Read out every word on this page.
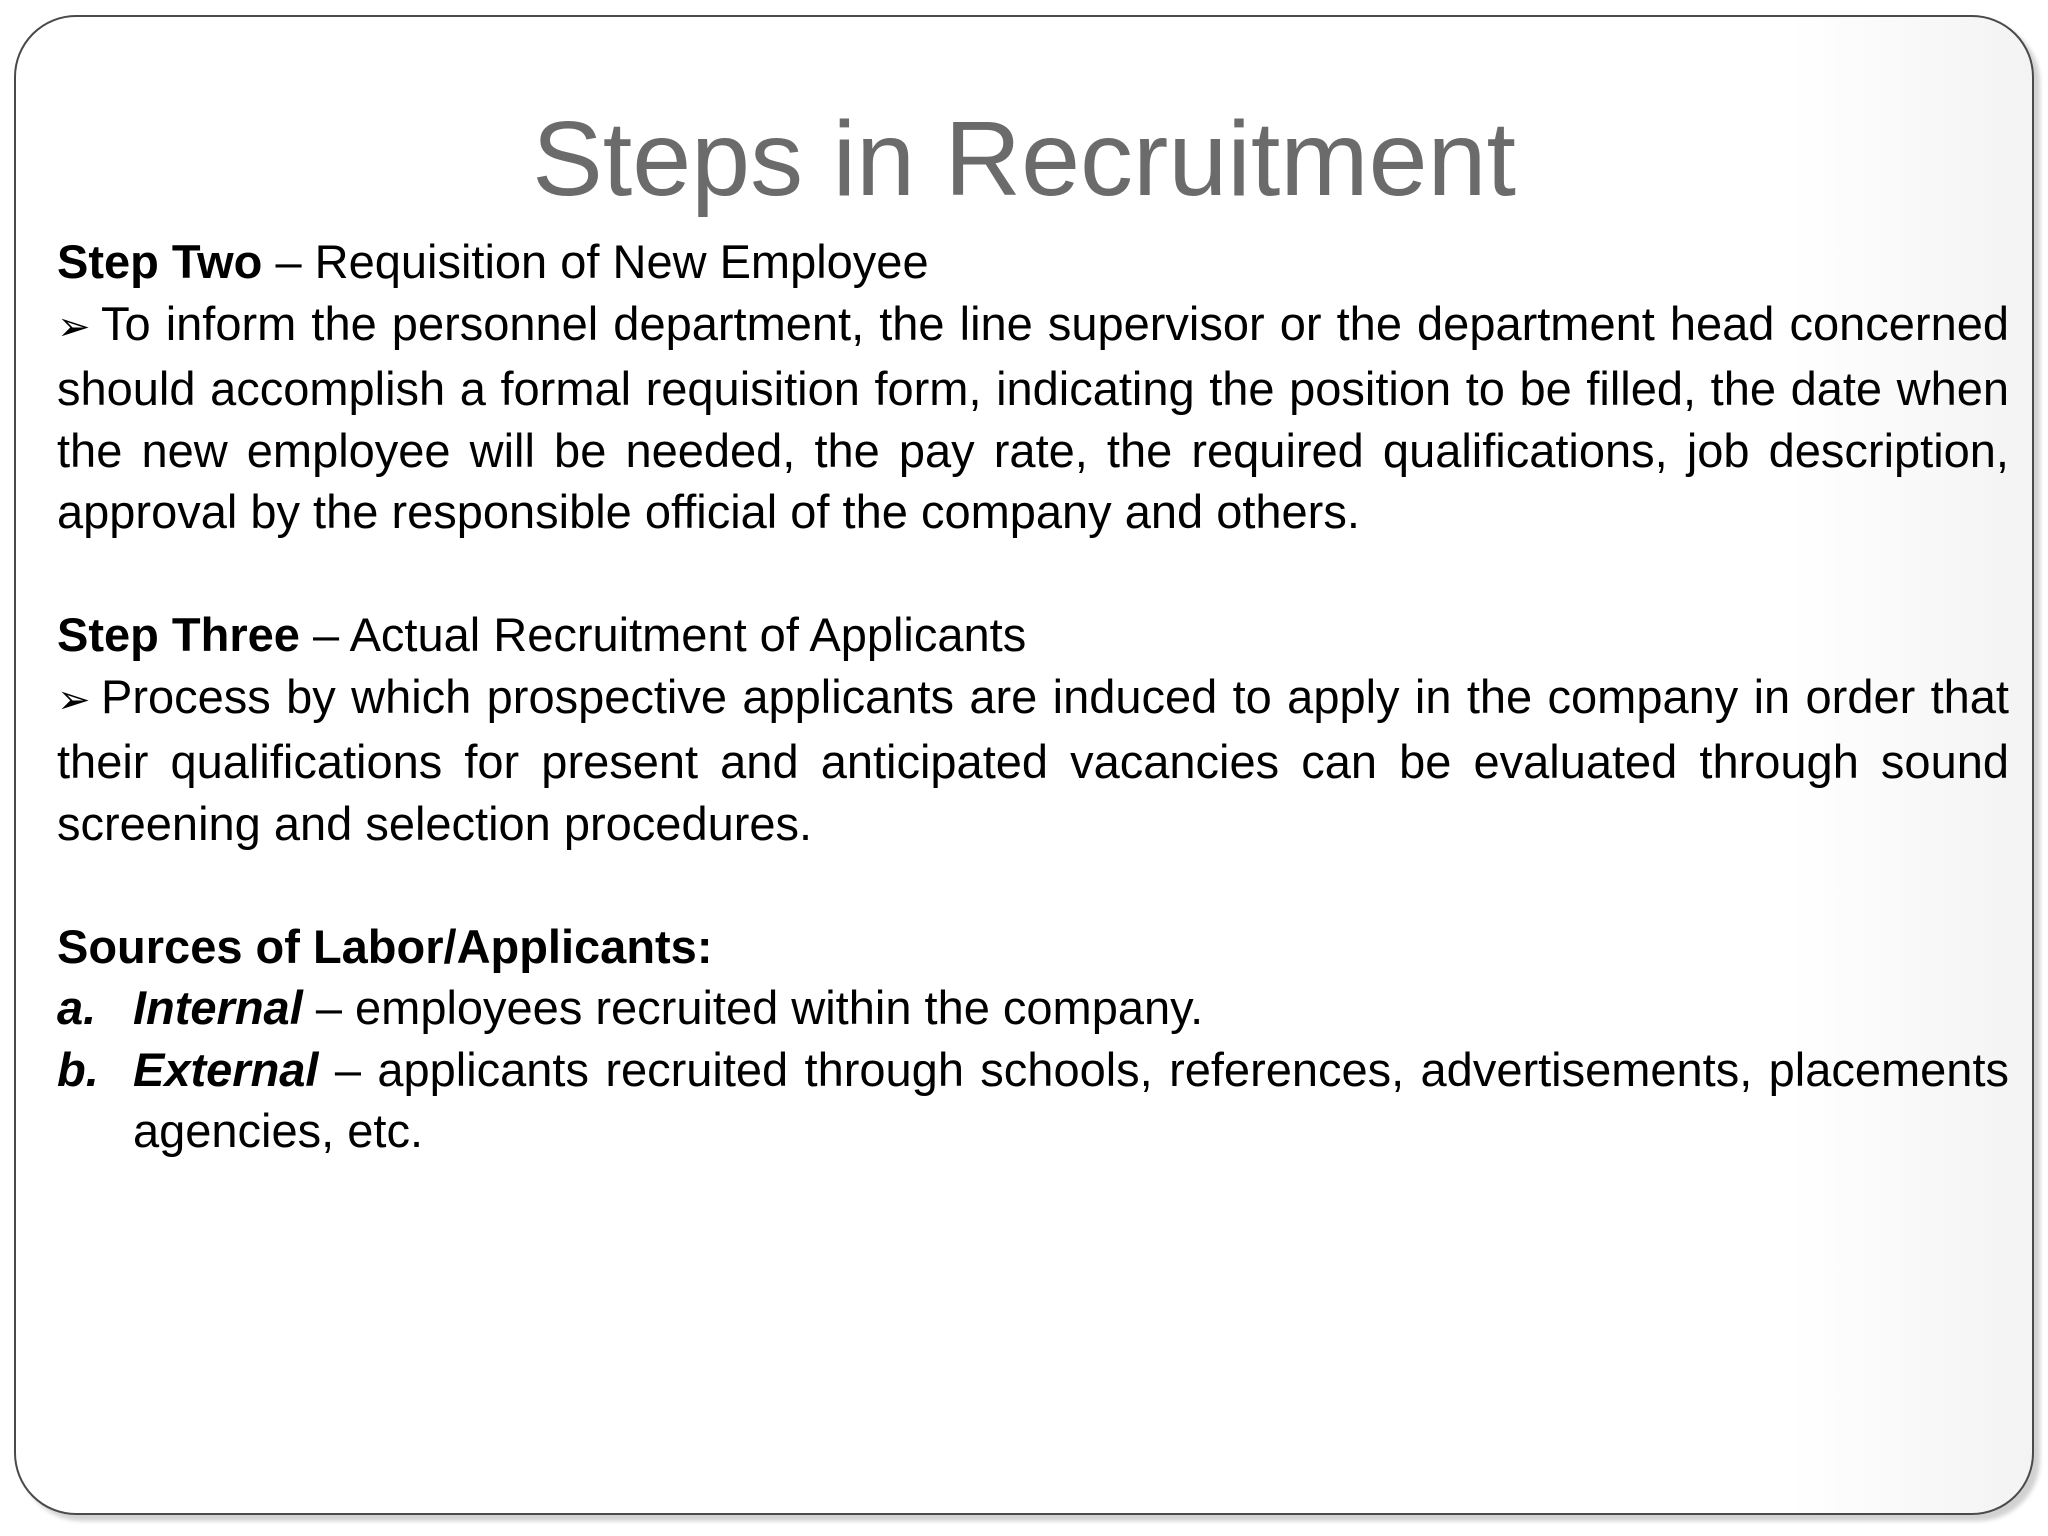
Steps in Recruitment

Step Two – Requisition of New Employee

➢ To inform the personnel department, the line supervisor or the department head concerned should accomplish a formal requisition form, indicating the position to be filled, the date when the new employee will be needed, the pay rate, the required qualifications, job description, approval by the responsible official of the company and others.

Step Three – Actual Recruitment of Applicants

➢ Process by which prospective applicants are induced to apply in the company in order that their qualifications for present and anticipated vacancies can be evaluated through sound screening and selection procedures.

Sources of Labor/Applicants:

a. Internal – employees recruited within the company.
b. External – applicants recruited through schools, references, advertisements, placements agencies, etc.
